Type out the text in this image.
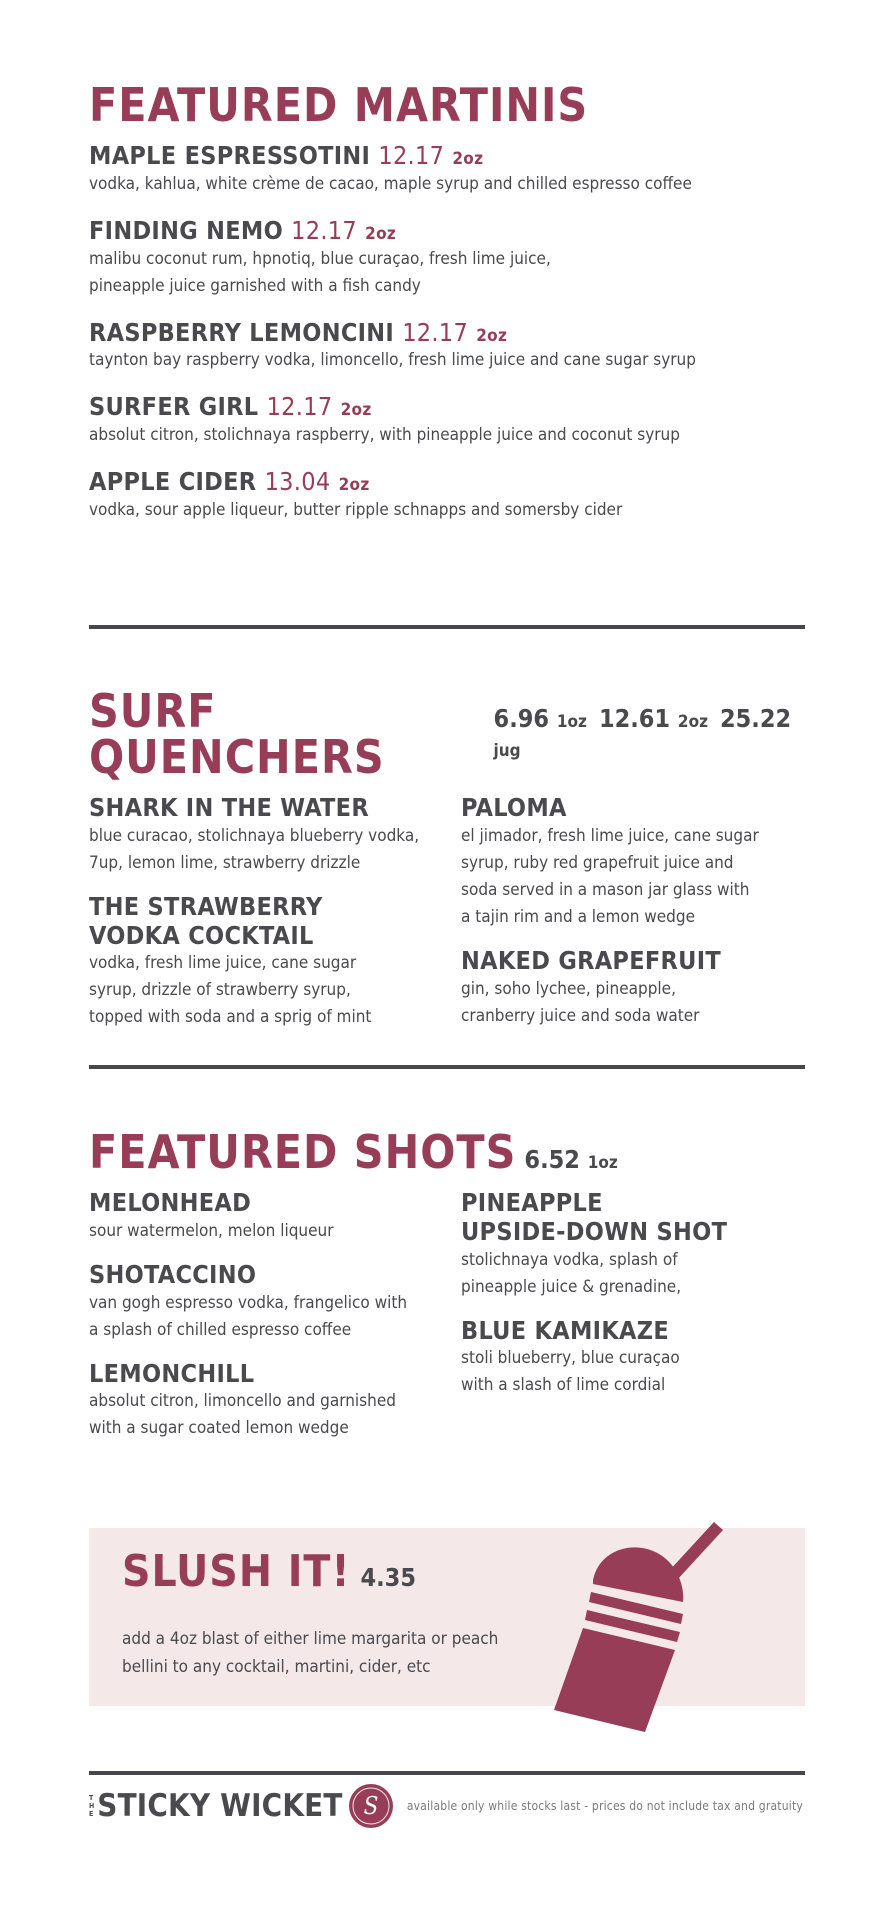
FEATURED MARTINIS
MAPLE ESPRESSOTINI 12.17 2oz
vodka, kahlua, white crème de cacao, maple syrup and chilled espresso coffee
FINDING NEMO 12.17 2oz
malibu coconut rum, hpnotiq, blue curaçao, fresh lime juice,
pineapple juice garnished with a fish candy
RASPBERRY LEMONCINI 12.17 2oz
taynton bay raspberry vodka, limoncello, fresh lime juice and cane sugar syrup
SURFER GIRL 12.17 2oz
absolut citron, stolichnaya raspberry, with pineapple juice and coconut syrup
APPLE CIDER 13.04 2oz
vodka, sour apple liqueur, butter ripple schnapps and somersby cider
SURF QUENCHERS
6.96 1oz 12.61 2oz 25.22 jug
SHARK IN THE WATER
blue curacao, stolichnaya blueberry vodka,
7up, lemon lime, strawberry drizzle
THE STRAWBERRY
VODKA COCKTAIL
vodka, fresh lime juice, cane sugar
syrup, drizzle of strawberry syrup,
topped with soda and a sprig of mint
PALOMA
el jimador, fresh lime juice, cane sugar
syrup, ruby red grapefruit juice and
soda served in a mason jar glass with
a tajin rim and a lemon wedge
NAKED GRAPEFRUIT
gin, soho lychee, pineapple,
cranberry juice and soda water
FEATURED SHOTS 6.52 1oz
MELONHEAD
sour watermelon, melon liqueur
SHOTACCINO
van gogh espresso vodka, frangelico with
a splash of chilled espresso coffee
LEMONCHILL
absolut citron, limoncello and garnished
with a sugar coated lemon wedge
PINEAPPLE
UPSIDE-DOWN SHOT
stolichnaya vodka, splash of
pineapple juice & grenadine,
BLUE KAMIKAZE
stoli blueberry, blue curaçao
with a slash of lime cordial
SLUSH IT! 4.35
add a 4oz blast of either lime margarita or peach
bellini to any cocktail, martini, cider, etc
T
H
E STICKY WICKET S available only while stocks last - prices do not include tax and gratuity
